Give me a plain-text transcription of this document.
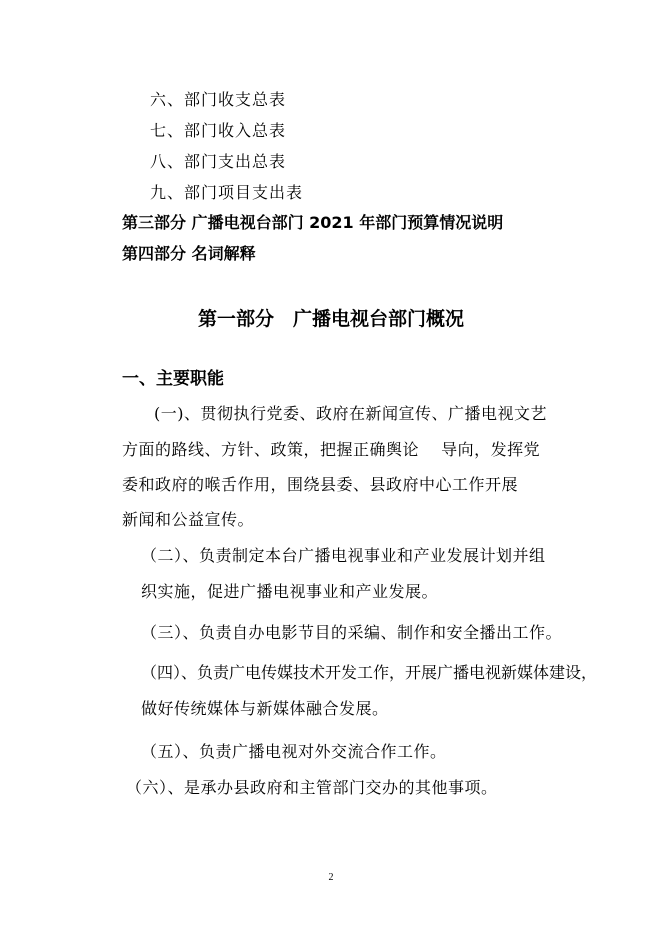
六、部门收支总表
七、部门收入总表
八、部门支出总表
九、部门项目支出表
第三部分 广播电视台部门 2021 年部门预算情况说明
第四部分 名词解释
第一部分　广播电视台部门概况
一、主要职能
(一)、贯彻执行党委、政府在新闻宣传、广播电视文艺
方面的路线、方针、政策，把握正确舆论　 导向，发挥党
委和政府的喉舌作用，围绕县委、县政府中心工作开展
新闻和公益宣传。
（二）、负责制定本台广播电视事业和产业发展计划并组
织实施，促进广播电视事业和产业发展。
（三）、负责自办电影节目的采编、制作和安全播出工作。
（四）、负责广电传媒技术开发工作，开展广播电视新媒体建设，
做好传统媒体与新媒体融合发展。
（五）、负责广播电视对外交流合作工作。
（六）、是承办县政府和主管部门交办的其他事项。
2
